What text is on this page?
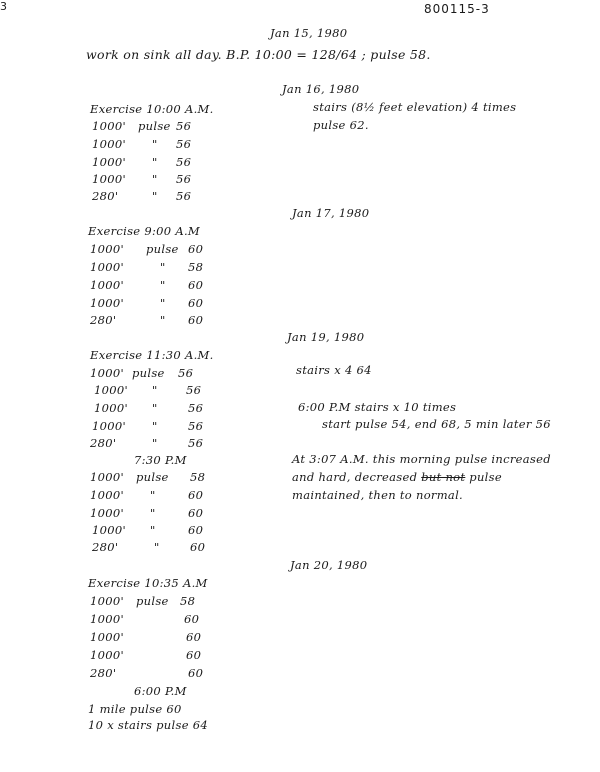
3	800115-3
Jan 15, 1980
work on sink all day. B.P. 10:00 = 128/64 ; pulse 58.
Jan 16, 1980
stairs (8½ feet elevation) 4 times
pulse 62.
Exercise 10:00 A.M.
1000' pulse 56
1000' " 56
1000' " 56
1000' " 56
280'	" 56
Jan 17, 1980
Exercise 9:00 A.M
1000' pulse 60
1000'	" 58
1000'	" 60
1000'	" 60
280'	" 60
Jan 19, 1980
stairs x 4 64
6:00 P.M stairs x 10 times
start pulse 54, end 68, 5 min later 56
At 3:07 A.M. this morning pulse increased
and hard, decreased but not pulse
maintained, then to normal.
Exercise 11:30 A.M.
1000' pulse 56
1000' " 56
1000' "	56
1000' "	56
280'	"	56
7:30 P.M
1000' pulse 58
1000' "	60
1000' "	60
1000' "	60
280'	"	60
Jan 20, 1980
Exercise 10:35 A.M
1000' pulse 58
1000'	60
1000'	60
1000'	60
280'	60
6:00 P.M
1 mile pulse 60
10 x stairs pulse 64
